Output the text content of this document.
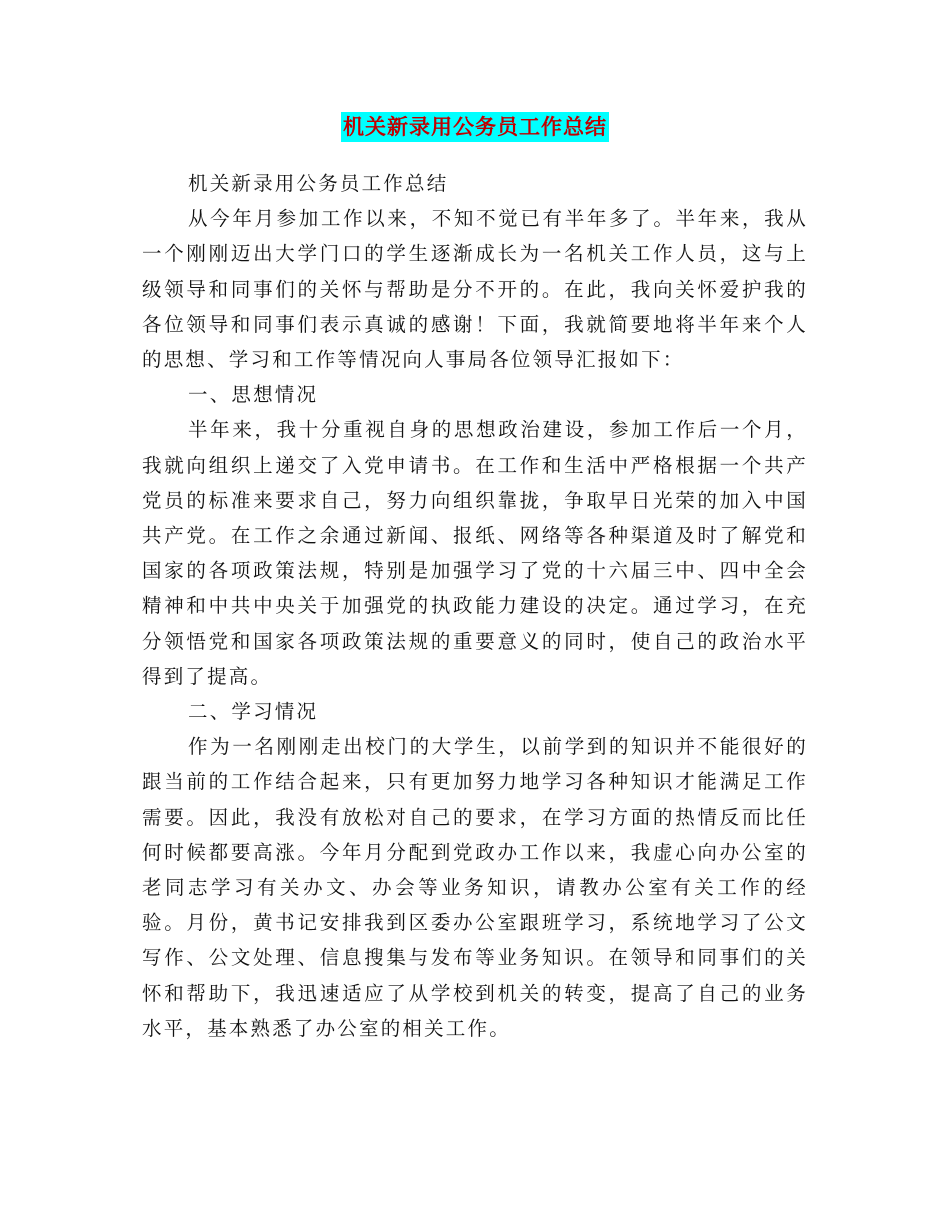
机关新录用公务员工作总结

机关新录用公务员工作总结

从今年月参加工作以来，不知不觉已有半年多了。半年来，我从一个刚刚迈出大学门口的学生逐渐成长为一名机关工作人员，这与上级领导和同事们的关怀与帮助是分不开的。在此，我向关怀爱护我的各位领导和同事们表示真诚的感谢！下面，我就简要地将半年来个人的思想、学习和工作等情况向人事局各位领导汇报如下：

一、思想情况

半年来，我十分重视自身的思想政治建设，参加工作后一个月，我就向组织上递交了入党申请书。在工作和生活中严格根据一个共产党员的标准来要求自己，努力向组织靠拢，争取早日光荣的加入中国共产党。在工作之余通过新闻、报纸、网络等各种渠道及时了解党和国家的各项政策法规，特别是加强学习了党的十六届三中、四中全会精神和中共中央关于加强党的执政能力建设的决定。通过学习，在充分领悟党和国家各项政策法规的重要意义的同时，使自己的政治水平得到了提高。

二、学习情况

作为一名刚刚走出校门的大学生，以前学到的知识并不能很好的跟当前的工作结合起来，只有更加努力地学习各种知识才能满足工作需要。因此，我没有放松对自己的要求，在学习方面的热情反而比任何时候都要高涨。今年月分配到党政办工作以来，我虚心向办公室的老同志学习有关办文、办会等业务知识，请教办公室有关工作的经验。月份，黄书记安排我到区委办公室跟班学习，系统地学习了公文写作、公文处理、信息搜集与发布等业务知识。在领导和同事们的关怀和帮助下，我迅速适应了从学校到机关的转变，提高了自己的业务水平，基本熟悉了办公室的相关工作。
